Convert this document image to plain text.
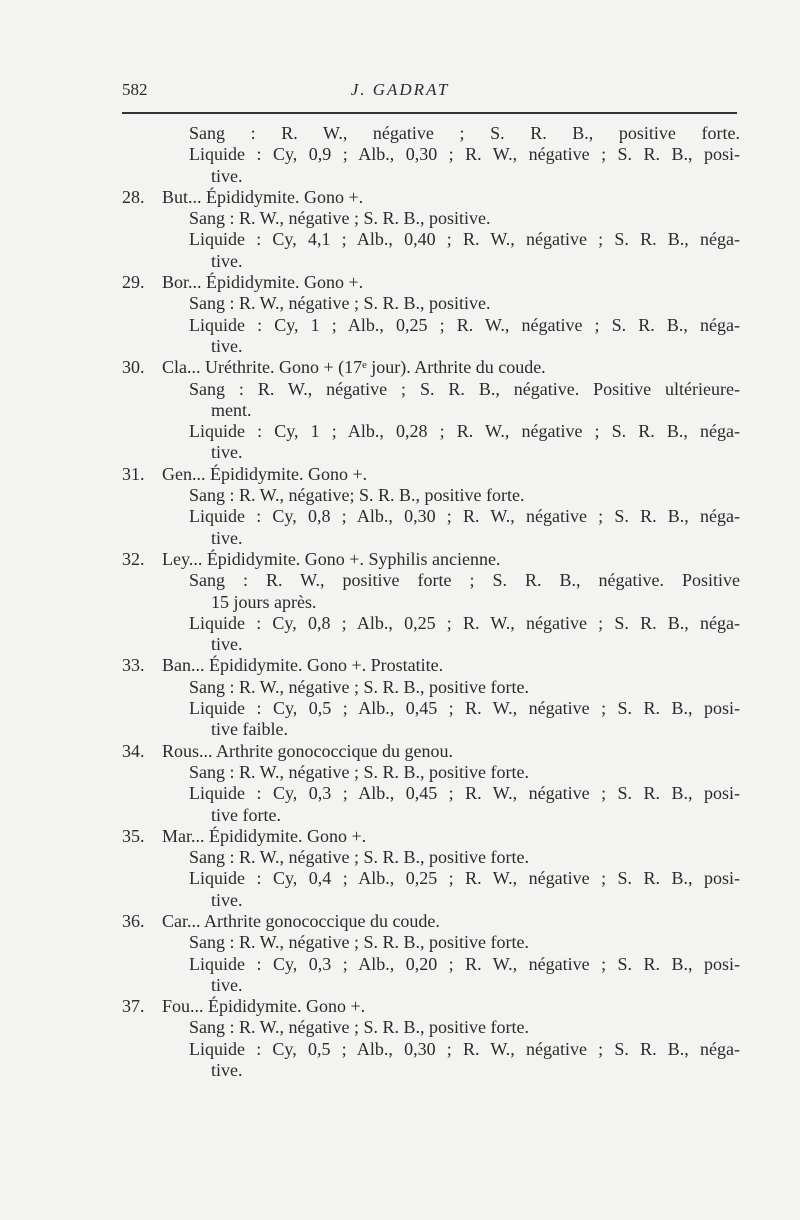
582	J. GADRAT
Sang : R. W., négative ; S. R. B., positive forte.
Liquide : Cy, 0,9 ; Alb., 0,30 ; R. W., négative ; S. R. B., posi-
tive.
28. But... Épididymite. Gono +.
Sang : R. W., négative ; S. R. B., positive.
Liquide : Cy, 4,1 ; Alb., 0,40 ; R. W., négative ; S. R. B., néga-
tive.
29. Bor... Épididymite. Gono +.
Sang : R. W., négative ; S. R. B., positive.
Liquide : Cy, 1 ; Alb., 0,25 ; R. W., négative ; S. R. B., néga-
tive.
30. Cla... Uréthrite. Gono + (17ᵉ jour). Arthrite du coude.
Sang : R. W., négative ; S. R. B., négative. Positive ultérieure-
ment.
Liquide : Cy, 1 ; Alb., 0,28 ; R. W., négative ; S. R. B., néga-
tive.
31. Gen... Épididymite. Gono +.
Sang : R. W., négative; S. R. B., positive forte.
Liquide : Cy, 0,8 ; Alb., 0,30 ; R. W., négative ; S. R. B., néga-
tive.
32. Ley... Épididymite. Gono +. Syphilis ancienne.
Sang : R. W., positive forte ; S. R. B., négative. Positive
15 jours après.
Liquide : Cy, 0,8 ; Alb., 0,25 ; R. W., négative ; S. R. B., néga-
tive.
33. Ban... Épididymite. Gono +. Prostatite.
Sang : R. W., négative ; S. R. B., positive forte.
Liquide : Cy, 0,5 ; Alb., 0,45 ; R. W., négative ; S. R. B., posi-
tive faible.
34. Rous... Arthrite gonococcique du genou.
Sang : R. W., négative ; S. R. B., positive forte.
Liquide : Cy, 0,3 ; Alb., 0,45 ; R. W., négative ; S. R. B., posi-
tive forte.
35. Mar... Épididymite. Gono +.
Sang : R. W., négative ; S. R. B., positive forte.
Liquide : Cy, 0,4 ; Alb., 0,25 ; R. W., négative ; S. R. B., posi-
tive.
36. Car... Arthrite gonococcique du coude.
Sang : R. W., négative ; S. R. B., positive forte.
Liquide : Cy, 0,3 ; Alb., 0,20 ; R. W., négative ; S. R. B., posi-
tive.
37. Fou... Épididymite. Gono +.
Sang : R. W., négative ; S. R. B., positive forte.
Liquide : Cy, 0,5 ; Alb., 0,30 ; R. W., négative ; S. R. B., néga-
tive.
